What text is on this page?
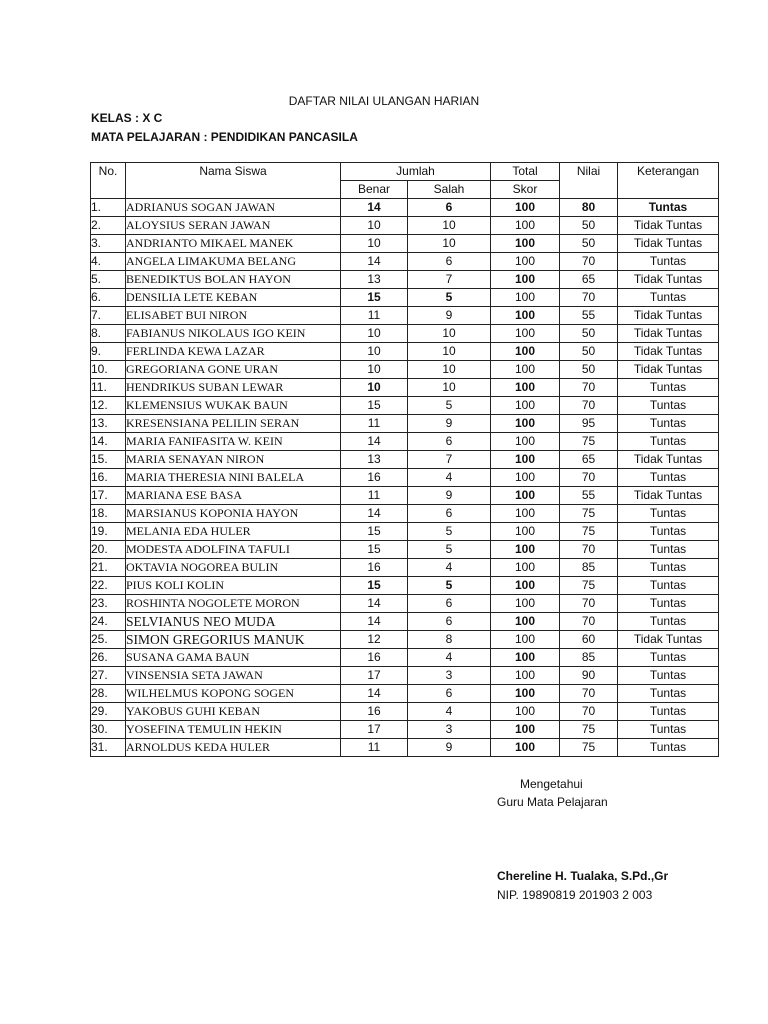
DAFTAR NILAI ULANGAN HARIAN
KELAS : X C
MATA PELAJARAN : PENDIDIKAN PANCASILA
No.	Nama Siswa	Jumlah		Total	Nilai	Keterangan
		Benar	Salah	Skor		
1.	ADRIANUS SOGAN JAWAN	14	6	100	80	Tuntas
2.	ALOYSIUS SERAN JAWAN	10	10	100	50	Tidak Tuntas
3.	ANDRIANTO MIKAEL MANEK	10	10	100	50	Tidak Tuntas
4.	ANGELA LIMAKUMA BELANG	14	6	100	70	Tuntas
5.	BENEDIKTUS BOLAN HAYON	13	7	100	65	Tidak Tuntas
6.	DENSILIA LETE KEBAN	15	5	100	70	Tuntas
7.	ELISABET BUI NIRON	11	9	100	55	Tidak Tuntas
8.	FABIANUS NIKOLAUS IGO KEIN	10	10	100	50	Tidak Tuntas
9.	FERLINDA KEWA LAZAR	10	10	100	50	Tidak Tuntas
10.	GREGORIANA GONE URAN	10	10	100	50	Tidak Tuntas
11.	HENDRIKUS SUBAN LEWAR	10	10	100	70	Tuntas
12.	KLEMENSIUS WUKAK BAUN	15	5	100	70	Tuntas
13.	KRESENSIANA PELILIN SERAN	11	9	100	95	Tuntas
14.	MARIA FANIFASITA W. KEIN	14	6	100	75	Tuntas
15.	MARIA SENAYAN NIRON	13	7	100	65	Tidak Tuntas
16.	MARIA THERESIA NINI BALELA	16	4	100	70	Tuntas
17.	MARIANA ESE BASA	11	9	100	55	Tidak Tuntas
18.	MARSIANUS KOPONIA HAYON	14	6	100	75	Tuntas
19.	MELANIA EDA HULER	15	5	100	75	Tuntas
20.	MODESTA ADOLFINA TAFULI	15	5	100	70	Tuntas
21.	OKTAVIA NOGOREA BULIN	16	4	100	85	Tuntas
22.	PIUS KOLI KOLIN	15	5	100	75	Tuntas
23.	ROSHINTA NOGOLETE MORON	14	6	100	70	Tuntas
24.	SELVIANUS NEO MUDA	14	6	100	70	Tuntas
25.	SIMON GREGORIUS MANUK	12	8	100	60	Tidak Tuntas
26.	SUSANA GAMA BAUN	16	4	100	85	Tuntas
27.	VINSENSIA SETA JAWAN	17	3	100	90	Tuntas
28.	WILHELMUS KOPONG SOGEN	14	6	100	70	Tuntas
29.	YAKOBUS GUHI KEBAN	16	4	100	70	Tuntas
30.	YOSEFINA TEMULIN HEKIN	17	3	100	75	Tuntas
31.	ARNOLDUS KEDA HULER	11	9	100	75	Tuntas
Mengetahui
Guru Mata Pelajaran
Chereline H. Tualaka, S.Pd.,Gr
NIP. 19890819 201903 2 003
